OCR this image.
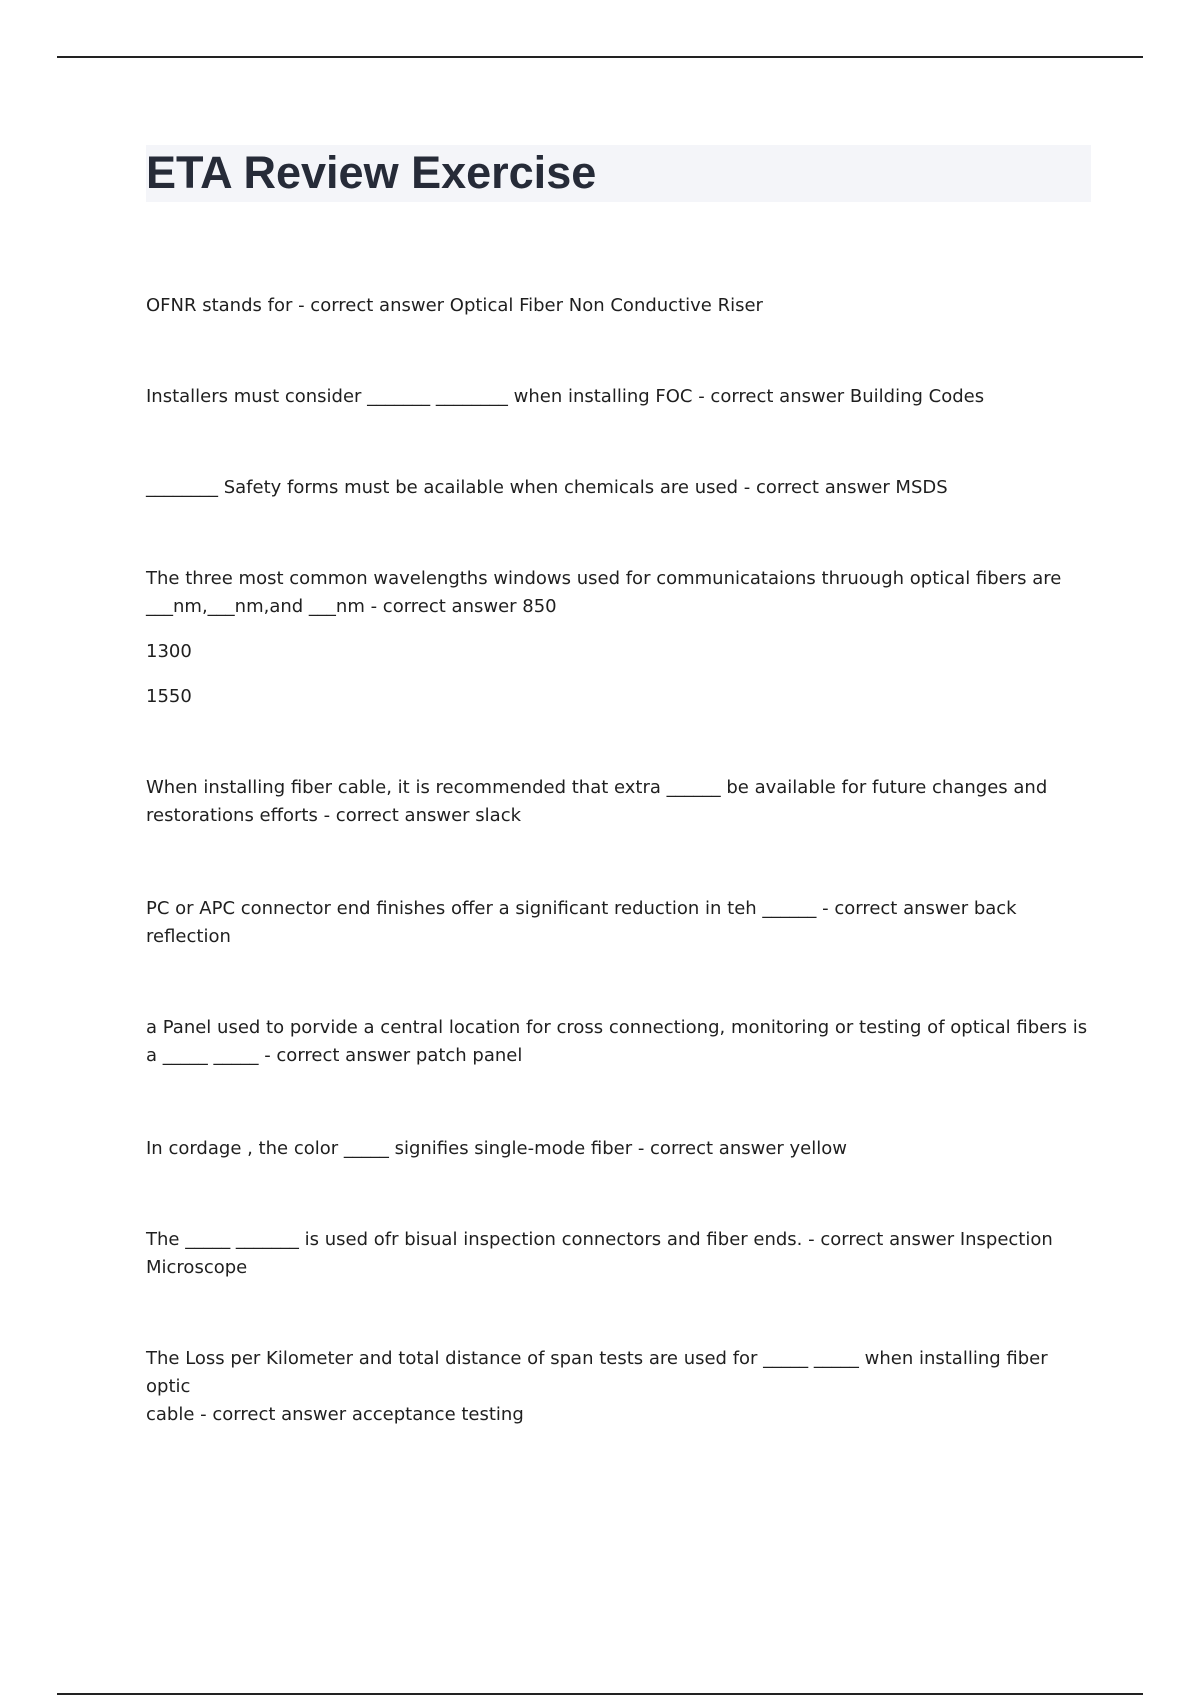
ETA Review Exercise

OFNR stands for - correct answer Optical Fiber Non Conductive Riser

Installers must consider _______ ________ when installing FOC - correct answer Building Codes

________ Safety forms must be acailable when chemicals are used - correct answer MSDS

The three most common wavelengths windows used for communicataions thruough optical fibers are
___nm,___nm,and ___nm - correct answer 850
1300
1550
When installing fiber cable, it is recommended that extra ______ be available for future changes and
restorations efforts - correct answer slack
PC or APC connector end finishes offer a significant reduction in teh ______ - correct answer back
reflection
a Panel used to porvide a central location for cross connectiong, monitoring or testing of optical fibers is
a _____ _____ - correct answer patch panel

In cordage , the color _____ signifies single-mode fiber - correct answer yellow

The _____ _______ is used ofr bisual inspection connectors and fiber ends. - correct answer Inspection
Microscope
The Loss per Kilometer and total distance of span tests are used for _____ _____ when installing fiber optic
cable - correct answer acceptance testing
